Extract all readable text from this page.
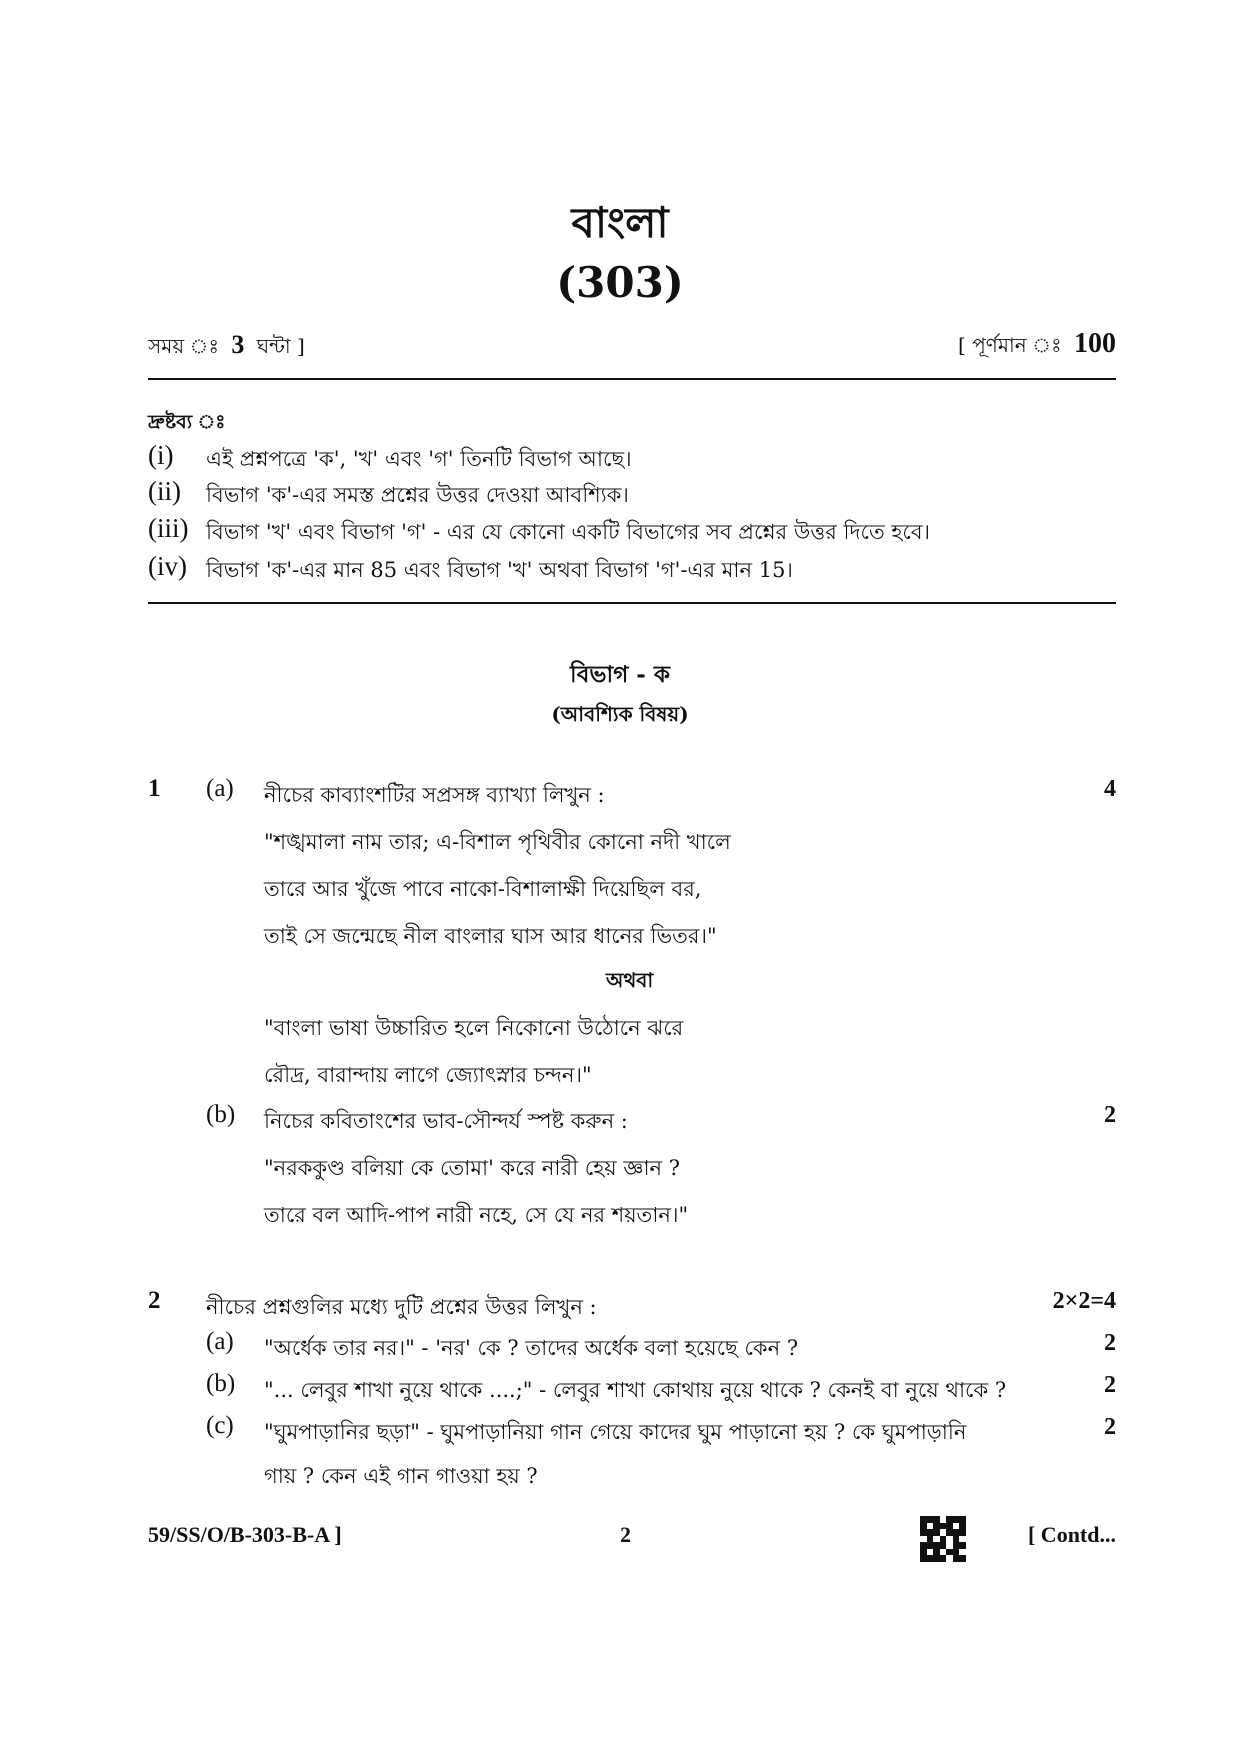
বাংলা
(303)
সময় ঃ 3 ঘন্টা ]	[ পূর্ণমান ঃ 100
দ্রুষ্টব্য ঃ
(i) এই প্রশ্নপত্রে 'ক', 'খ' এবং 'গ' তিনটি বিভাগ আছে।
(ii) বিভাগ 'ক'-এর সমস্ত প্রশ্নের উত্তর দেওয়া আবশ্যিক।
(iii) বিভাগ 'খ' এবং বিভাগ 'গ' - এর যে কোনো একটি বিভাগের সব প্রশ্নের উত্তর দিতে হবে।
(iv) বিভাগ 'ক'-এর মান 85 এবং বিভাগ 'খ' অথবা বিভাগ 'গ'-এর মান 15।
বিভাগ - ক
(আবশ্যিক বিষয়)
1 (a) নীচের কাব্যাংশটির সপ্রসঙ্গ ব্যাখ্যা লিখুন :	4
"শঙ্খমালা নাম তার; এ-বিশাল পৃথিবীর কোনো নদী খালে
তারে আর খুঁজে পাবে নাকো-বিশালাক্ষী দিয়েছিল বর,
তাই সে জন্মেছে নীল বাংলার ঘাস আর ধানের ভিতর।"
অথবা
"বাংলা ভাষা উচ্চারিত হলে নিকোনো উঠোনে ঝরে
রৌদ্র, বারান্দায় লাগে জ্যোৎস্নার চন্দন।"
(b) নিচের কবিতাংশের ভাব-সৌন্দর্য স্পষ্ট করুন :	2
"নরককুণ্ড বলিয়া কে তোমা' করে নারী হেয় জ্ঞান ?
তারে বল আদি-পাপ নারী নহে, সে যে নর শয়তান।"
2 নীচের প্রশ্নগুলির মধ্যে দুটি প্রশ্নের উত্তর লিখুন :	2×2=4
(a) "অর্ধেক তার নর।" - 'নর' কে ? তাদের অর্ধেক বলা হয়েছে কেন ?	2
(b) "... লেবুর শাখা নুয়ে থাকে ....;" - লেবুর শাখা কোথায় নুয়ে থাকে ? কেনই বা নুয়ে থাকে ?	2
(c) "ঘুমপাড়ানির ছড়া" - ঘুমপাড়ানিয়া গান গেয়ে কাদের ঘুম পাড়ানো হয় ? কে ঘুমপাড়ানি	2
গায় ? কেন এই গান গাওয়া হয় ?
59/SS/O/B-303-B-A ]	2	[ Contd...
